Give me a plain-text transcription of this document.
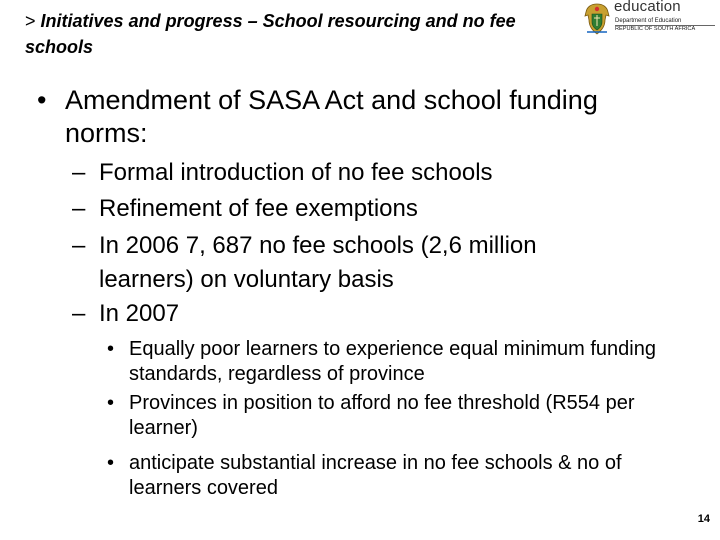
> Initiatives and progress – School resourcing and no fee schools
education
Department of Education
REPUBLIC OF SOUTH AFRICA
• Amendment of SASA Act and school funding norms:
– Formal introduction of no fee schools
– Refinement of fee exemptions
– In 2006 7, 687 no fee schools (2,6 million learners) on voluntary basis
– In 2007
• Equally poor learners to experience equal minimum funding standards, regardless of province
• Provinces in position to afford no fee threshold (R554 per learner)
• anticipate substantial increase in no fee schools & no of learners covered
14
